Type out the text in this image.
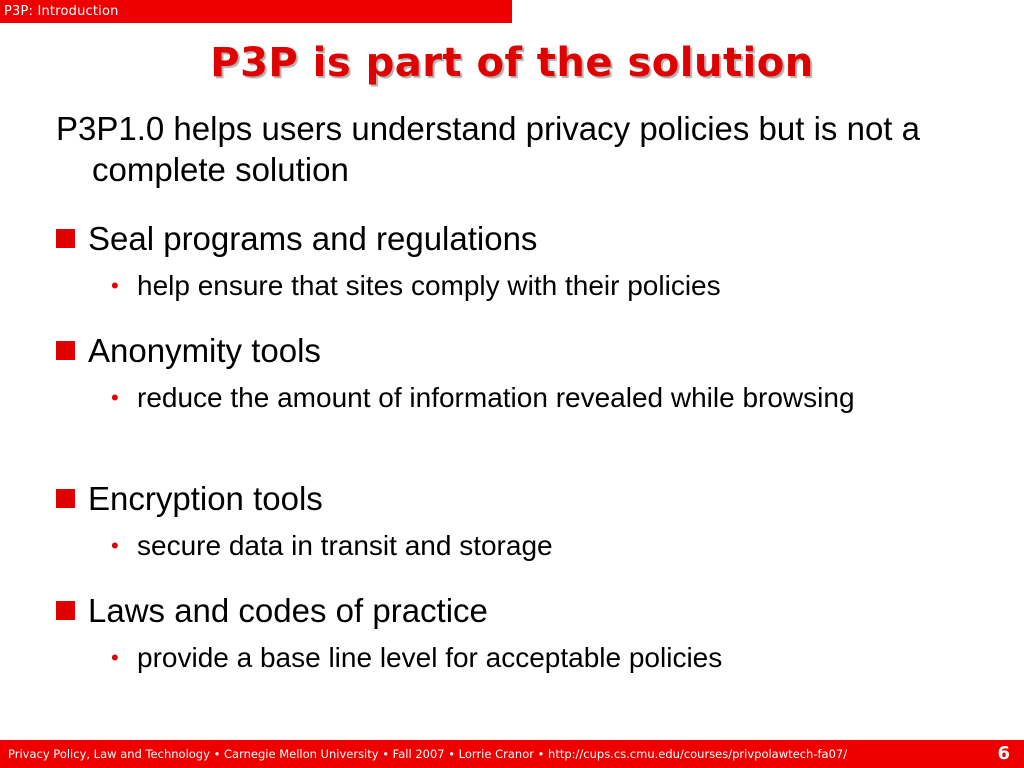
P3P: Introduction
P3P is part of the solution
P3P1.0 helps users understand privacy policies but is not a complete solution
Seal programs and regulations
• help ensure that sites comply with their policies
Anonymity tools
• reduce the amount of information revealed while browsing
Encryption tools
• secure data in transit and storage
Laws and codes of practice
• provide a base line level for acceptable policies
Privacy Policy, Law and Technology • Carnegie Mellon University • Fall 2007 • Lorrie Cranor • http://cups.cs.cmu.edu/courses/privpolawtech-fa07/	6
